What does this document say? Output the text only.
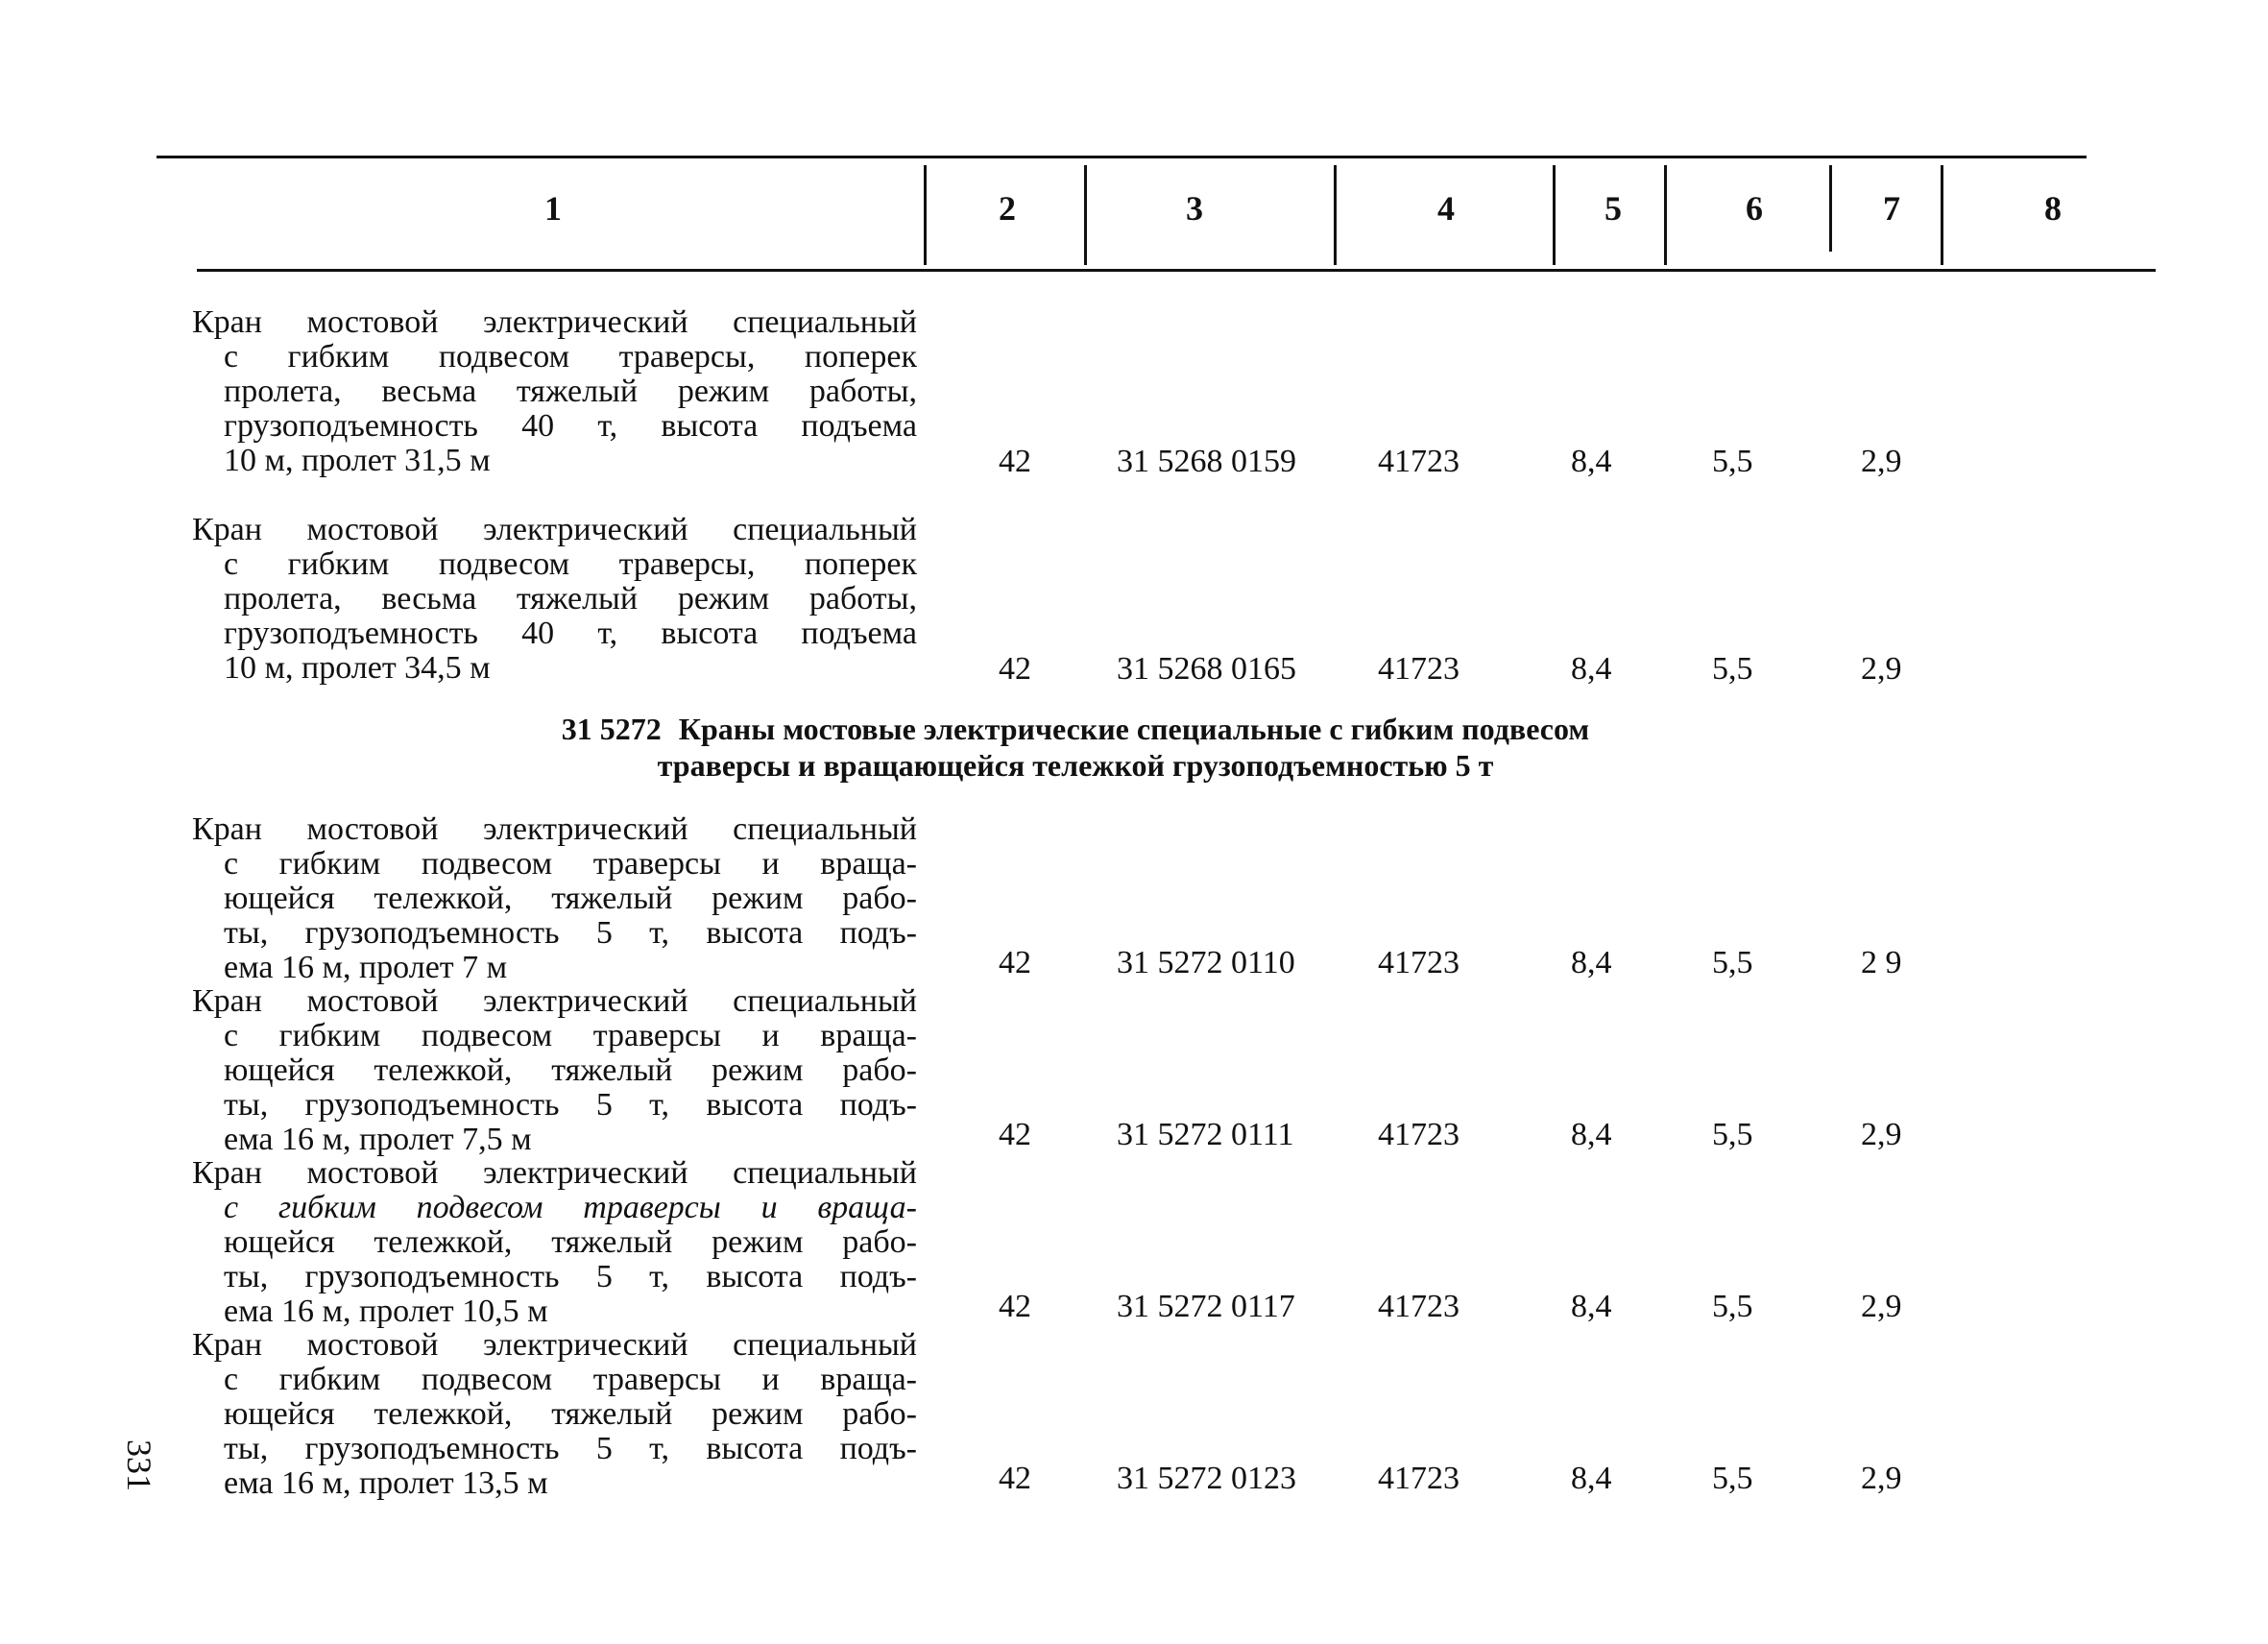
1	2	3	4	5	6	7	8
Кран мостовой электрический специальный
с гибким подвесом траверсы, поперек
пролета, весьма тяжелый режим работы,
грузоподъемность 40 т, высота подъема
10 м, пролет 31,5 м	42	31 5268 0159	41723	8,4	5,5	2,9
Кран мостовой электрический специальный
с гибким подвесом траверсы, поперек
пролета, весьма тяжелый режим работы,
грузоподъемность 40 т, высота подъема
10 м, пролет 34,5 м	42	31 5268 0165	41723	8,4	5,5	2,9
31 5272 Краны мостовые электрические специальные с гибким подвесом
траверсы и вращающейся тележкой грузоподъемностью 5 т
Кран мостовой электрический специальный
с гибким подвесом траверсы и враща-
ющейся тележкой, тяжелый режим рабо-
ты, грузоподъемность 5 т, высота подъ-
ема 16 м, пролет 7 м	42	31 5272 0110	41723	8,4	5,5	2 9
Кран мостовой электрический специальный
с гибким подвесом траверсы и враща-
ющейся тележкой, тяжелый режим рабо-
ты, грузоподъемность 5 т, высота подъ-
ема 16 м, пролет 7,5 м	42	31 5272 0111	41723	8,4	5,5	2,9
Кран мостовой электрический специальный
с гибким подвесом траверсы и враща-
ющейся тележкой, тяжелый режим рабо-
ты, грузоподъемность 5 т, высота подъ-
ема 16 м, пролет 10,5 м	42	31 5272 0117	41723	8,4	5,5	2,9
Кран мостовой электрический специальный
с гибким подвесом траверсы и враща-
ющейся тележкой, тяжелый режим рабо-
ты, грузоподъемность 5 т, высота подъ-
ема 16 м, пролет 13,5 м	42	31 5272 0123	41723	8,4	5,5	2,9
331
